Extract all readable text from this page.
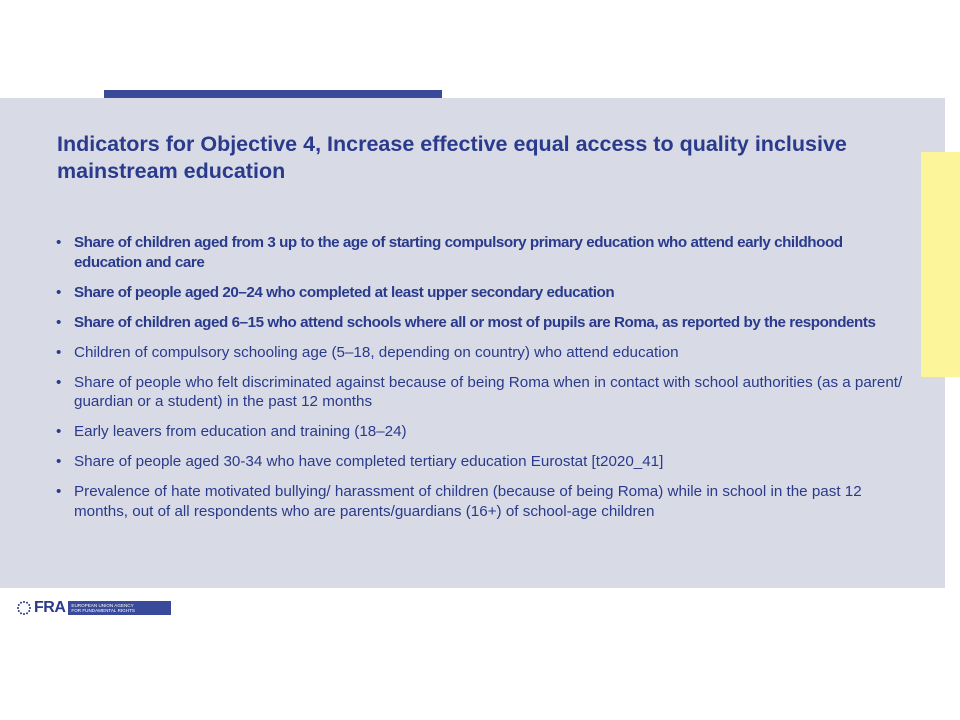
Indicators for Objective 4, Increase effective equal access to quality inclusive mainstream education
• Share of children aged from 3 up to the age of starting compulsory primary education who attend early childhood education and care
• Share of people aged 20–24 who completed at least upper secondary education
• Share of children aged 6–15 who attend schools where all or most of pupils are Roma, as reported by the respondents
• Children of compulsory schooling age (5–18, depending on country) who attend education
• Share of people who felt discriminated against because of being Roma when in contact with school authorities (as a parent/ guardian or a student) in the past 12 months
• Early leavers from education and training (18–24)
• Share of people aged 30-34 who have completed tertiary education Eurostat [t2020_41]
• Prevalence of hate motivated bullying/ harassment of children (because of being Roma) while in school in the past 12 months, out of all respondents who are parents/guardians (16+) of school-age children
FRA EUROPEAN UNION AGENCY
FOR FUNDAMENTAL RIGHTS
